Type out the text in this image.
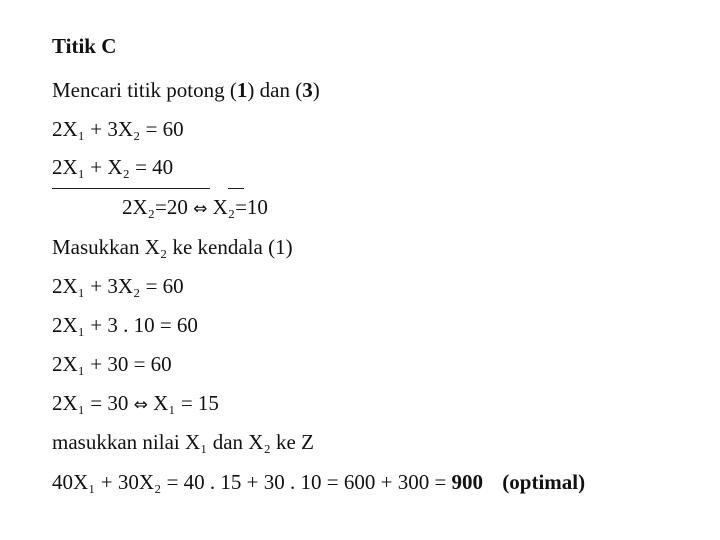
Titik C
Mencari titik potong (1) dan (3)
2X₁ + 3X₂ = 60
2X₁ + X₂ = 40
2X₂=20 ⇔ X₂=10
Masukkan X₂ ke kendala (1)
2X₁ + 3X₂ = 60
2X₁ + 3 . 10 = 60
2X₁ + 30 = 60
2X₁ = 30 ⇔ X₁ = 15
masukkan nilai X₁ dan X₂ ke Z
40X₁ + 30X₂ = 40 . 15 + 30 . 10 = 600 + 300 = 900 (optimal)
